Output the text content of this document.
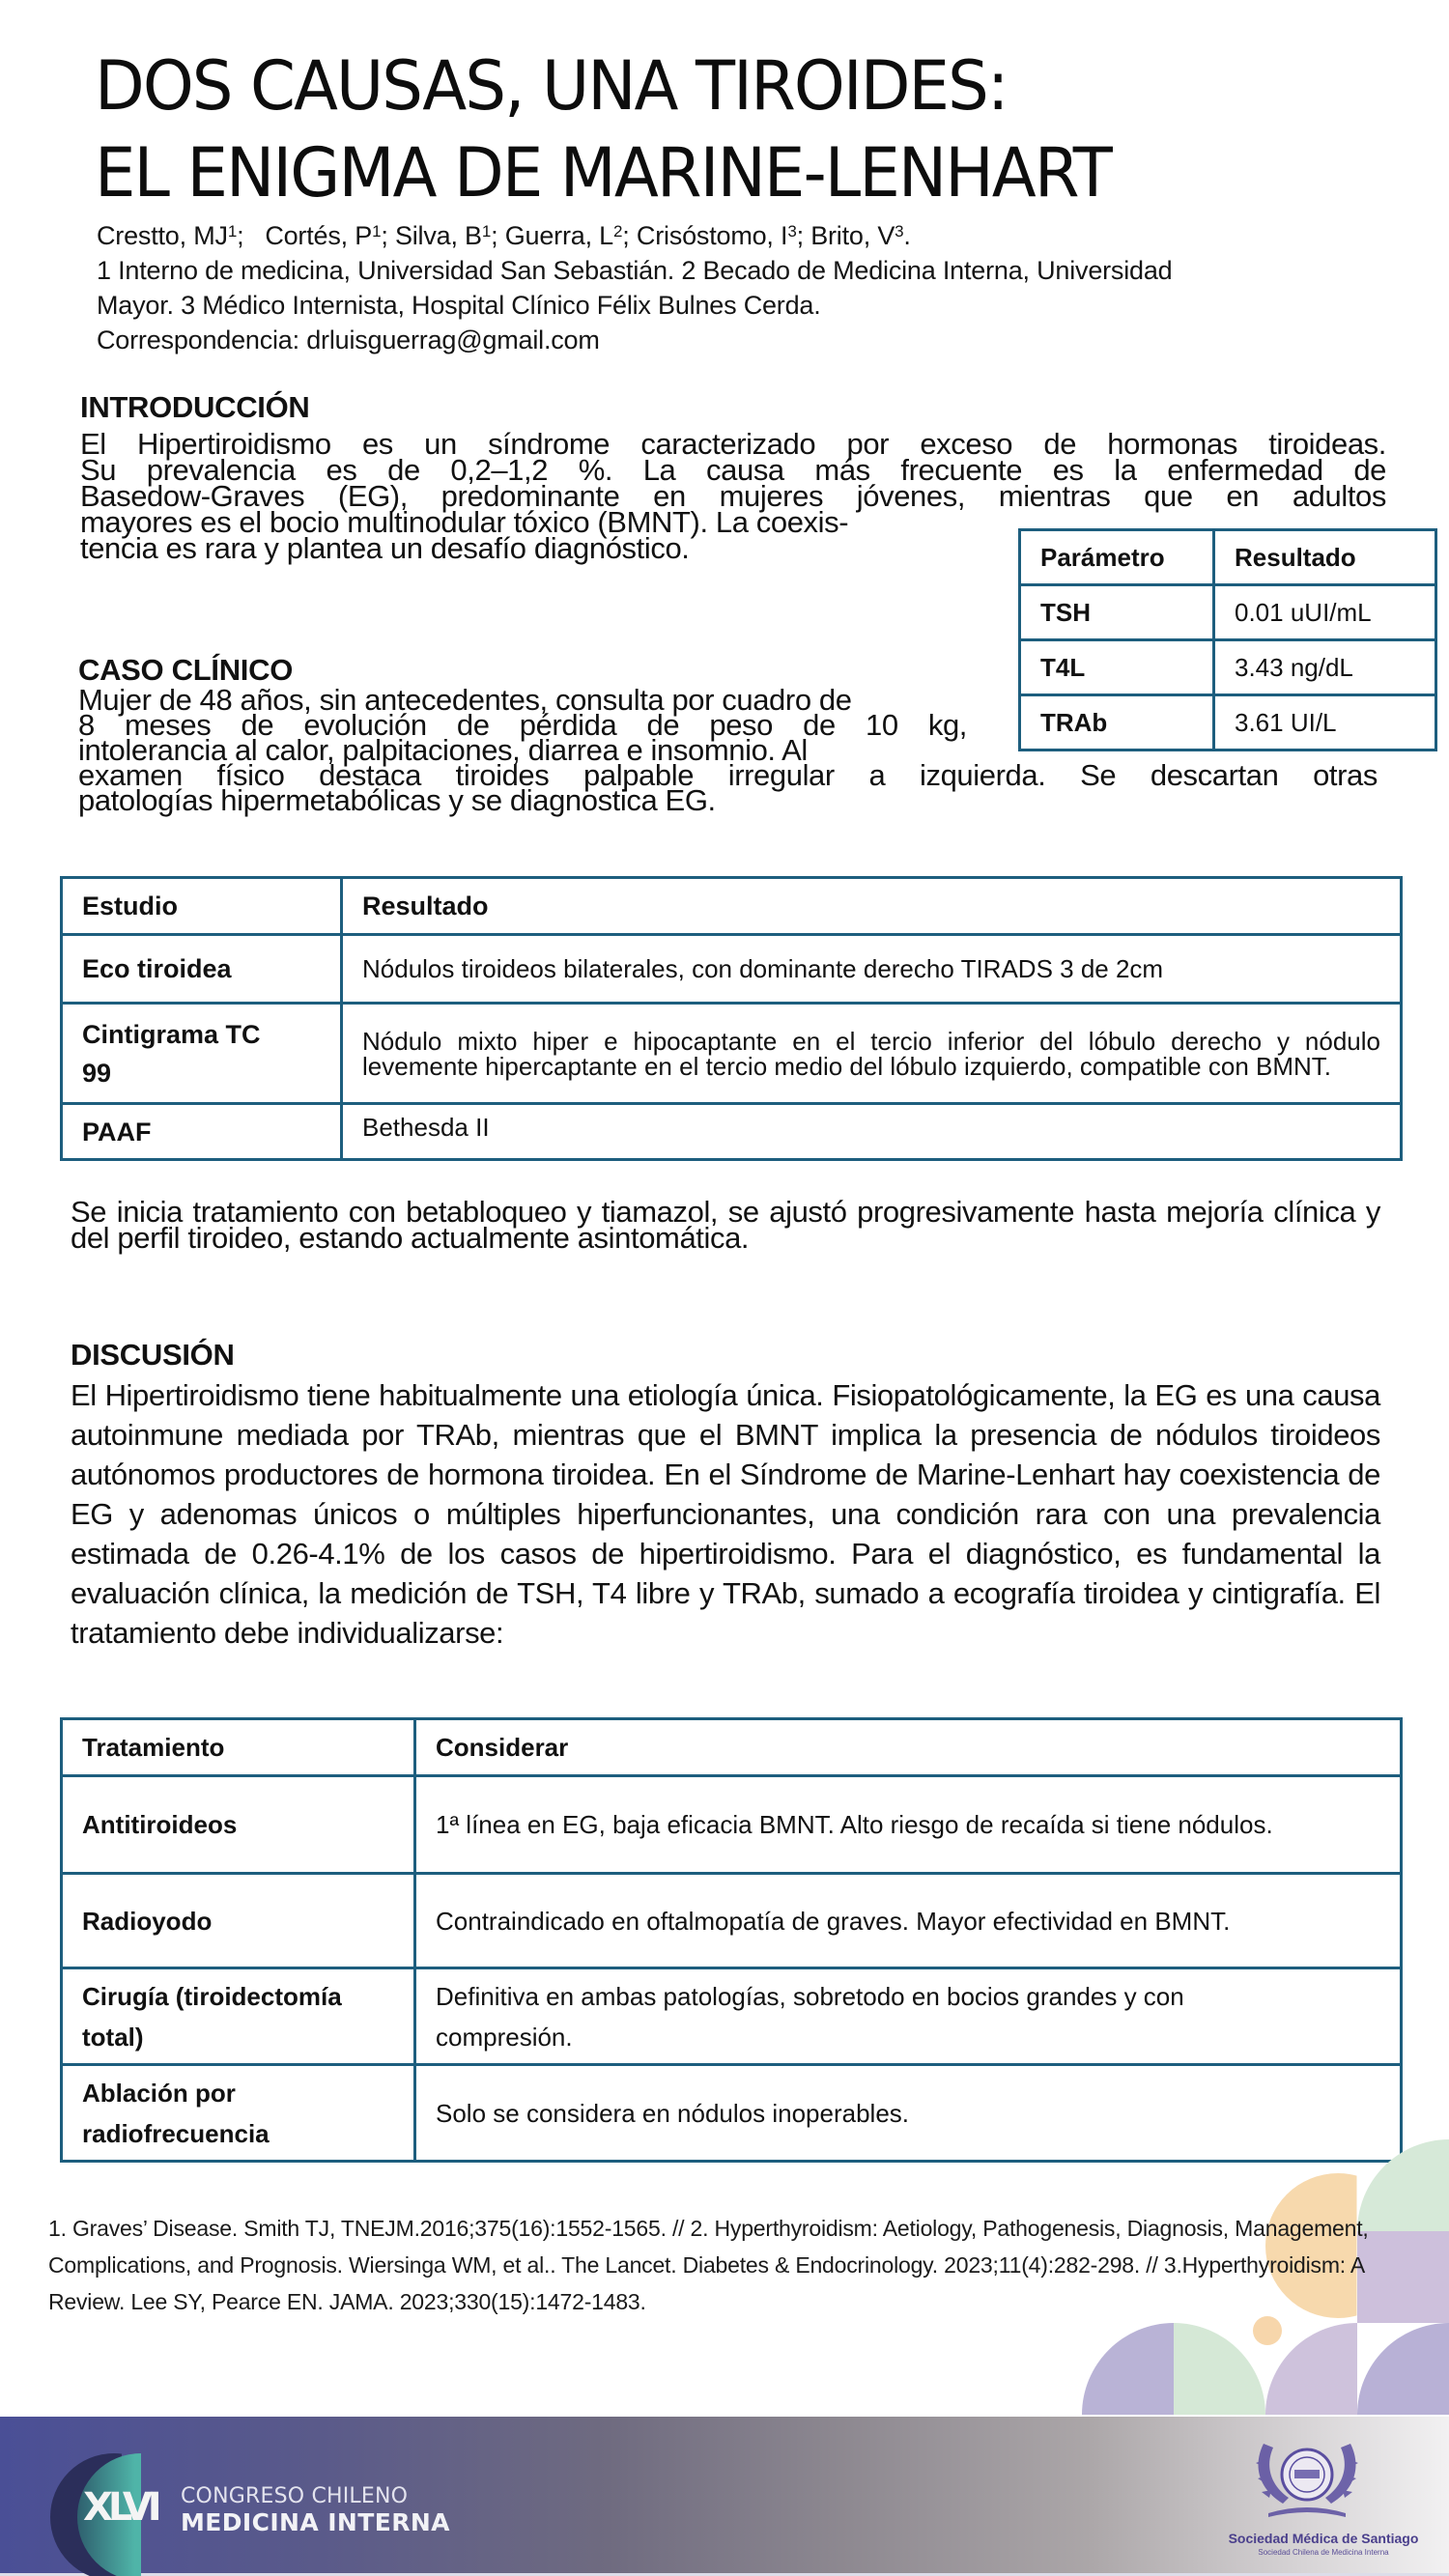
DOS CAUSAS, UNA TIROIDES:
EL ENIGMA DE MARINE-LENHART
Crestto, $MJ^1$;   Cortés, $P^1$; Silva, $B^1$; Guerra, $L^2$; Crisóstomo, $I^3$; Brito, $V^3$.
1 Interno de medicina, Universidad San Sebastián. 2 Becado de Medicina Interna, Universidad
Mayor. 3 Médico Internista, Hospital Clínico Félix Bulnes Cerda.
Correspondencia: drluisguerrag@gmail.com
INTRODUCCIÓN
El Hipertiroidismo es un síndrome caracterizado por exceso de hormonas tiroideas.
Su prevalencia es de 0,2–1,2 %. La causa más frecuente es la enfermedad de
Basedow-Graves (EG), predominante en mujeres jóvenes, mientras que en adultos
mayores es el bocio multinodular tóxico (BMNT). La coexis-
tencia es rara y plantea un desafío diagnóstico.	Parámetro	Resultado
TSH	0.01 uUI/mL
T4L	3.43 ng/dL
TRAb	3.61 UI/L
CASO CLÍNICO
Mujer de 48 años, sin antecedentes, consulta por cuadro de
8 meses de evolución de pérdida de peso de 10 kg,
intolerancia al calor, palpitaciones, diarrea e insomnio. Al
examen físico destaca tiroides palpable irregular a izquierda. Se descartan otras
patologías hipermetabólicas y se diagnostica EG.
Estudio	Resultado
Eco tiroidea	Nódulos tiroideos bilaterales, con dominante derecho TIRADS 3 de 2cm
Cintigrama TC 99	Nódulo mixto hiper e hipocaptante en el tercio inferior del lóbulo derecho y nódulo levemente hipercaptante en el tercio medio del lóbulo izquierdo, compatible con BMNT.
PAAF	Bethesda II
Se inicia tratamiento con betabloqueo y tiamazol, se ajustó progresivamente hasta mejoría clínica y del perfil tiroideo, estando actualmente asintomática.
DISCUSIÓN
El Hipertiroidismo tiene habitualmente una etiología única. Fisiopatológicamente, la EG es una causa autoinmune mediada por TRAb, mientras que el BMNT implica la presencia de nódulos tiroideos autónomos productores de hormona tiroidea. En el Síndrome de Marine-Lenhart hay coexistencia de EG y adenomas únicos o múltiples hiperfuncionantes, una condición rara con una prevalencia estimada de 0.26-4.1% de los casos de hipertiroidismo. Para el diagnóstico, es fundamental la evaluación clínica, la medición de TSH, T4 libre y TRAb, sumado a ecografía tiroidea y cintigrafía. El tratamiento debe individualizarse:
Tratamiento	Considerar
Antitiroideos	1ª línea en EG, baja eficacia BMNT. Alto riesgo de recaída si tiene nódulos.
Radioyodo	Contraindicado en oftalmopatía de graves. Mayor efectividad en BMNT.
Cirugía (tiroidectomía total)	Definitiva en ambas patologías, sobretodo en bocios grandes y con compresión.
Ablación por radiofrecuencia	Solo se considera en nódulos inoperables.
1. Graves’ Disease. Smith TJ, TNEJM.2016;375(16):1552-1565. // 2. Hyperthyroidism: Aetiology, Pathogenesis, Diagnosis, Management, Complications, and Prognosis. Wiersinga WM, et al.. The Lancet. Diabetes & Endocrinology. 2023;11(4):282-298. // 3.Hyperthyroidism: A Review. Lee SY, Pearce EN. JAMA. 2023;330(15):1472-1483.
XLVI CONGRESO CHILENO
MEDICINA INTERNA
Sociedad Médica de Santiago
Sociedad Chilena de Medicina Interna
